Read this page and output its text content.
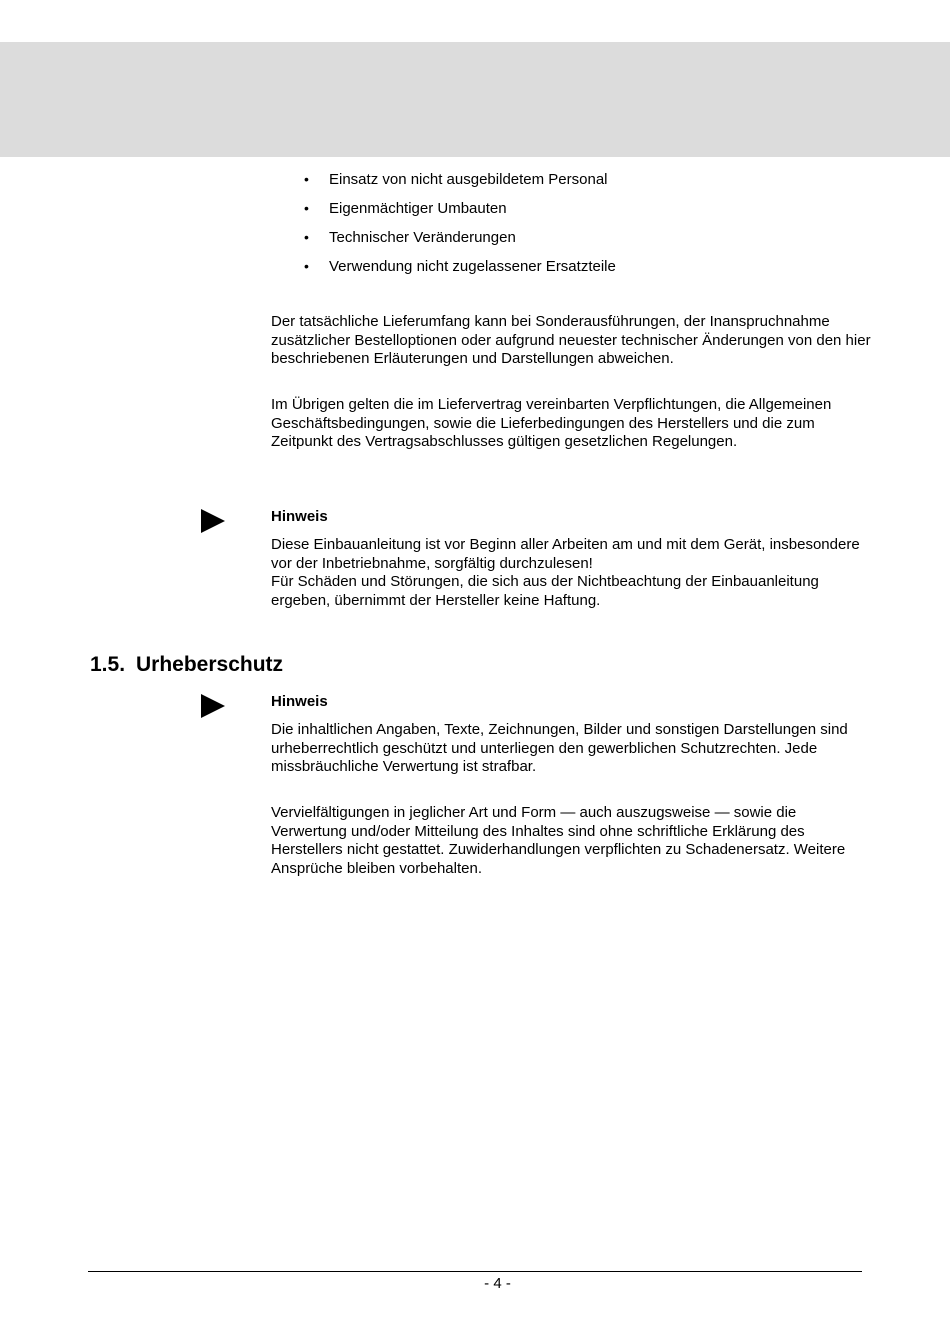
• Einsatz von nicht ausgebildetem Personal
• Eigenmächtiger Umbauten
• Technischer Veränderungen
• Verwendung nicht zugelassener Ersatzteile

Der tatsächliche Lieferumfang kann bei Sonderausführungen, der Inanspruchnahme zusätzlicher Bestelloptionen oder aufgrund neuester technischer Änderungen von den hier beschriebenen Erläuterungen und Darstellungen abweichen.

Im Übrigen gelten die im Liefervertrag vereinbarten Verpflichtungen, die Allgemeinen Geschäftsbedingungen, sowie die Lieferbedingungen des Herstellers und die zum Zeitpunkt des Vertragsabschlusses gültigen gesetzlichen Regelungen.

Hinweis
Diese Einbauanleitung ist vor Beginn aller Arbeiten am und mit dem Gerät, insbesondere vor der Inbetriebnahme, sorgfältig durchzulesen!
Für Schäden und Störungen, die sich aus der Nichtbeachtung der Einbauanleitung ergeben, übernimmt der Hersteller keine Haftung.
1.5. Urheberschutz
Hinweis

Die inhaltlichen Angaben, Texte, Zeichnungen, Bilder und sonstigen Darstellungen sind urheberrechtlich geschützt und unterliegen den gewerblichen Schutzrechten. Jede missbräuchliche Verwertung ist strafbar.

Vervielfältigungen in jeglicher Art und Form — auch auszugsweise — sowie die Verwertung und/oder Mitteilung des Inhaltes sind ohne schriftliche Erklärung des Herstellers nicht gestattet. Zuwiderhandlungen verpflichten zu Schadenersatz. Weitere Ansprüche bleiben vorbehalten.

- 4 -
